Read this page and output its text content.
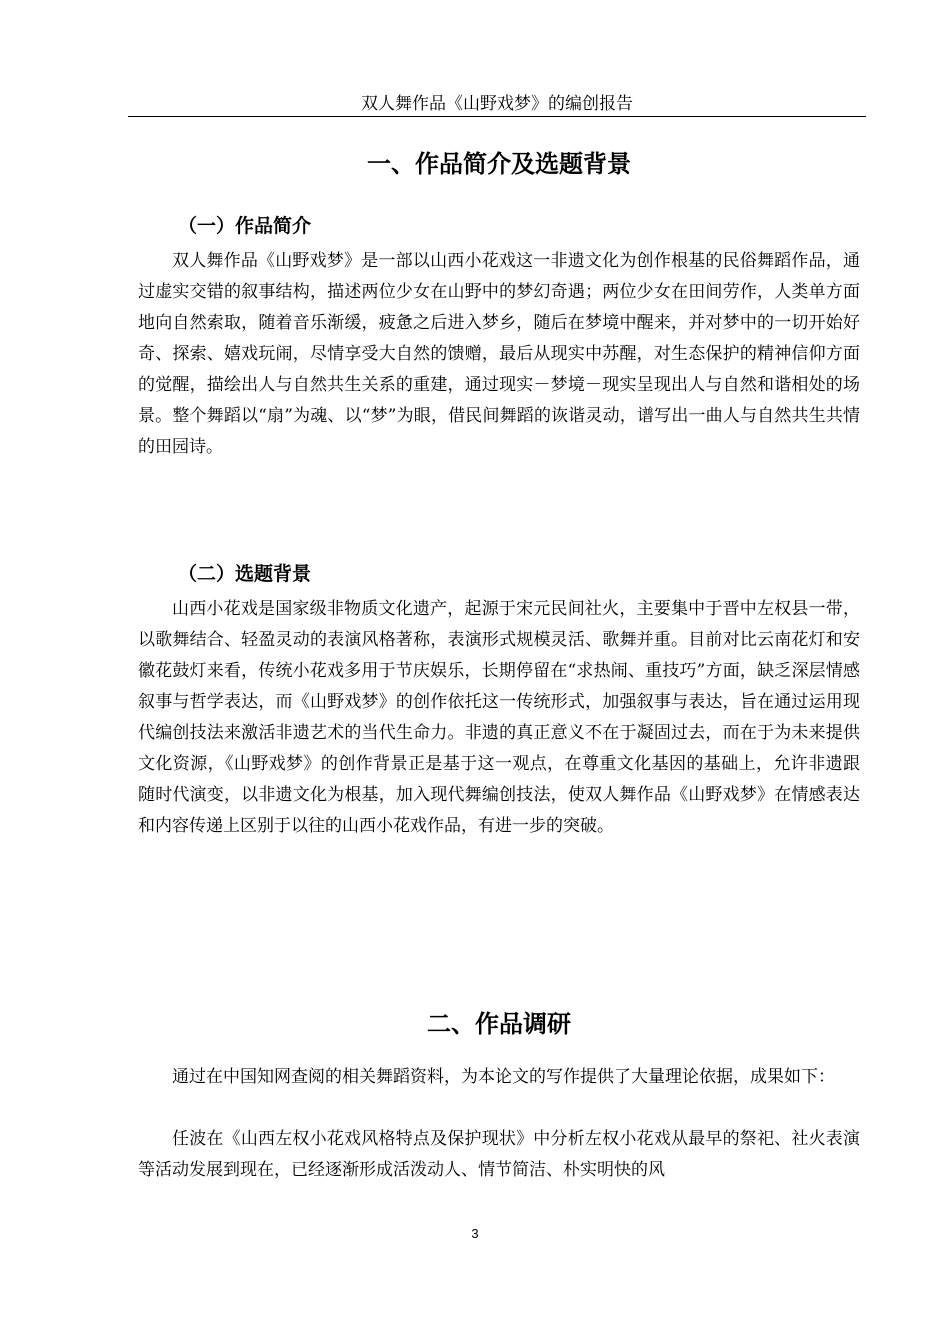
双人舞作品《山野戏梦》的编创报告
一、作品简介及选题背景
（一）作品简介

双人舞作品《山野戏梦》是一部以山西小花戏这一非遗文化为创作根基的民俗舞蹈作品，通过虚实交错的叙事结构，描述两位少女在山野中的梦幻奇遇；两位少女在田间劳作，人类单方面地向自然索取，随着音乐渐缓，疲惫之后进入梦乡，随后在梦境中醒来，并对梦中的一切开始好奇、探索、嬉戏玩闹，尽情享受大自然的馈赠，最后从现实中苏醒，对生态保护的精神信仰方面的觉醒，描绘出人与自然共生关系的重建，通过现实－梦境－现实呈现出人与自然和谐相处的场景。整个舞蹈以“扇”为魂、以“梦”为眼，借民间舞蹈的诙谐灵动，谱写出一曲人与自然共生共情的田园诗。

（二）选题背景

山西小花戏是国家级非物质文化遗产，起源于宋元民间社火，主要集中于晋中左权县一带，以歌舞结合、轻盈灵动的表演风格著称，表演形式规模灵活、歌舞并重。目前对比云南花灯和安徽花鼓灯来看，传统小花戏多用于节庆娱乐，长期停留在“求热闹、重技巧”方面，缺乏深层情感叙事与哲学表达，而《山野戏梦》的创作依托这一传统形式，加强叙事与表达，旨在通过运用现代编创技法来激活非遗艺术的当代生命力。非遗的真正意义不在于凝固过去，而在于为未来提供文化资源，《山野戏梦》的创作背景正是基于这一观点，在尊重文化基因的基础上，允许非遗跟随时代演变，以非遗文化为根基，加入现代舞编创技法，使双人舞作品《山野戏梦》在情感表达和内容传递上区别于以往的山西小花戏作品，有进一步的突破。

二、作品调研

通过在中国知网查阅的相关舞蹈资料，为本论文的写作提供了大量理论依据，成果如下：

任波在《山西左权小花戏风格特点及保护现状》中分析左权小花戏从最早的祭祀、社火表演等活动发展到现在，已经逐渐形成活泼动人、情节简洁、朴实明快的风

3
